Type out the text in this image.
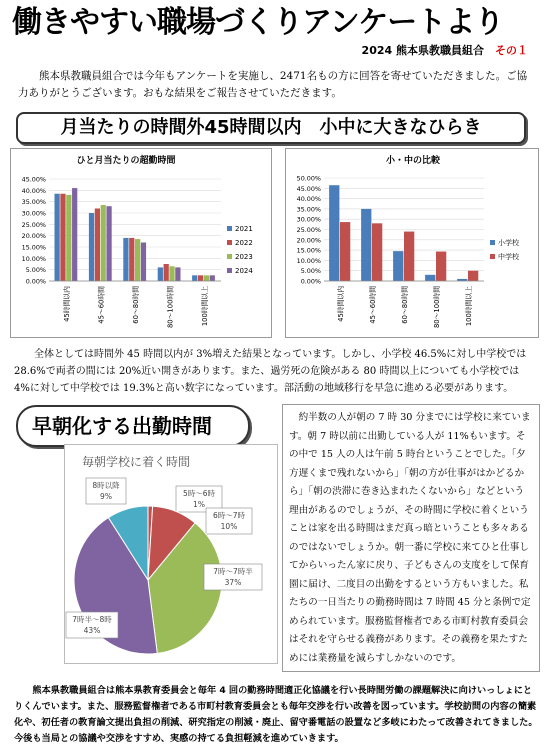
働きやすい職場づくりアンケートより
2024 熊本県教職員組合　 その１
熊本県教職員組合では今年もアンケートを実施し、2471名もの方に回答を寄せていただきました。ご協力ありがとうございます。おもな結果をご報告させていただきます。
月当たりの時間外45時間以内　小中に大きなひらき
ひと月当たりの超勤時間
0.00%
5.00%
10.00%
15.00%
20.00%
25.00%
30.00%
35.00%
40.00%
45.00%
45時間以内	45～60時間	60～80時間	80～100時間	100時間以上
2021
2022
2023
2024
小・中の比較
0.00%
5.00%
10.00%
15.00%
20.00%
25.00%
30.00%
35.00%
40.00%
45.00%
50.00%
45時間以内	45～60時間	60～80時間	80～100時間	100時間以上
小学校
中学校
全体としては時間外 45 時間以内が 3%増えた結果となっています。しかし、小学校 46.5%に対し中学校では 28.6%で両者の間には 20%近い開きがあります。また、過労死の危険がある 80 時間以上についても小学校では 4%に対して中学校では 19.3%と高い数字になっています。部活動の地域移行を早急に進める必要があります。
早朝化する出勤時間
毎朝学校に着く時間
5時～6時
1%
6時～7時
10%
7時～7時半
37%
7時半～8時
43%
8時以降
9%
約半数の人が朝の 7 時 30 分までには学校に来ています。朝 7 時以前に出勤している人が 11%もいます。その中で 15 人の人は午前 5 時台ということでした。「夕方遅くまで残れないから」「朝の方が仕事がはかどるから」「朝の渋滞に巻き込まれたくないから」などという理由があるのでしょうが、その時間に学校に着くということは家を出る時間はまだ真っ暗ということも多々あるのではないでしょうか。朝一番に学校に来てひと仕事してからいったん家に戻り、子どもさんの支度をして保育園に届け、二度目の出勤をするという方もいました。私たちの一日当たりの勤務時間は 7 時間 45 分と条例で定められています。服務監督権者である市町村教育委員会はそれを守らせる義務があります。その義務を果たすためには業務量を減らすしかないのです。
熊本県教職員組合は熊本県教育委員会と毎年 4 回の勤務時間適正化協議を行い長時間労働の課題解決に向けいっしょにとりくんでいます。また、服務監督権者である市町村教育委員会とも毎年交渉を行い改善を図っています。学校訪問の内容の簡素化や、初任者の教育論文提出負担の削減、研究指定の削減・廃止、留守番電話の設置など多岐にわたって改善されてきました。今後も当局との協議や交渉をすすめ、実感の持てる負担軽減を進めていきます。
